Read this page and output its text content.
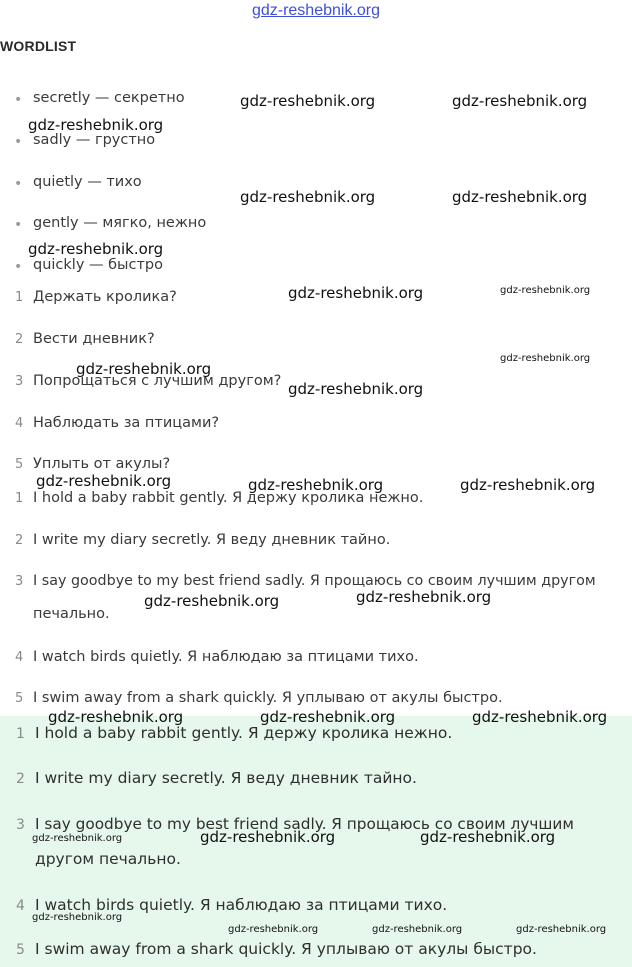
gdz-reshebnik.org
WORDLIST
• secretly — секретно
• sadly — грустно
• quietly — тихо
• gently — мягко, нежно
• quickly — быстро
1 Держать кролика?
2 Вести дневник?
3 Попрощаться с лучшим другом?
4 Наблюдать за птицами?
5 Уплыть от акулы?
1 I hold a baby rabbit gently. Я держу кролика нежно.
2 I write my diary secretly. Я веду дневник тайно.
3 I say goodbye to my best friend sadly. Я прощаюсь со своим лучшим другом
печально.
4 I watch birds quietly. Я наблюдаю за птицами тихо.
5 I swim away from a shark quickly. Я уплываю от акулы быстро.
1 I hold a baby rabbit gently. Я держу кролика нежно.
2 I write my diary secretly. Я веду дневник тайно.
3 I say goodbye to my best friend sadly. Я прощаюсь со своим лучшим
другом печально.
4 I watch birds quietly. Я наблюдаю за птицами тихо.
5 I swim away from a shark quickly. Я уплываю от акулы быстро.
gdz-reshebnik.org	gdz-reshebnik.org
gdz-reshebnik.org
gdz-reshebnik.org	gdz-reshebnik.org
gdz-reshebnik.org
gdz-reshebnik.org	gdz-reshebnik.org
gdz-reshebnik.org
gdz-reshebnik.org
gdz-reshebnik.org
gdz-reshebnik.org	gdz-reshebnik.org	gdz-reshebnik.org
gdz-reshebnik.org
gdz-reshebnik.org
gdz-reshebnik.org	gdz-reshebnik.org	gdz-reshebnik.org
gdz-reshebnik.org	gdz-reshebnik.org	gdz-reshebnik.org
gdz-reshebnik.org
gdz-reshebnik.org	gdz-reshebnik.org	gdz-reshebnik.org
